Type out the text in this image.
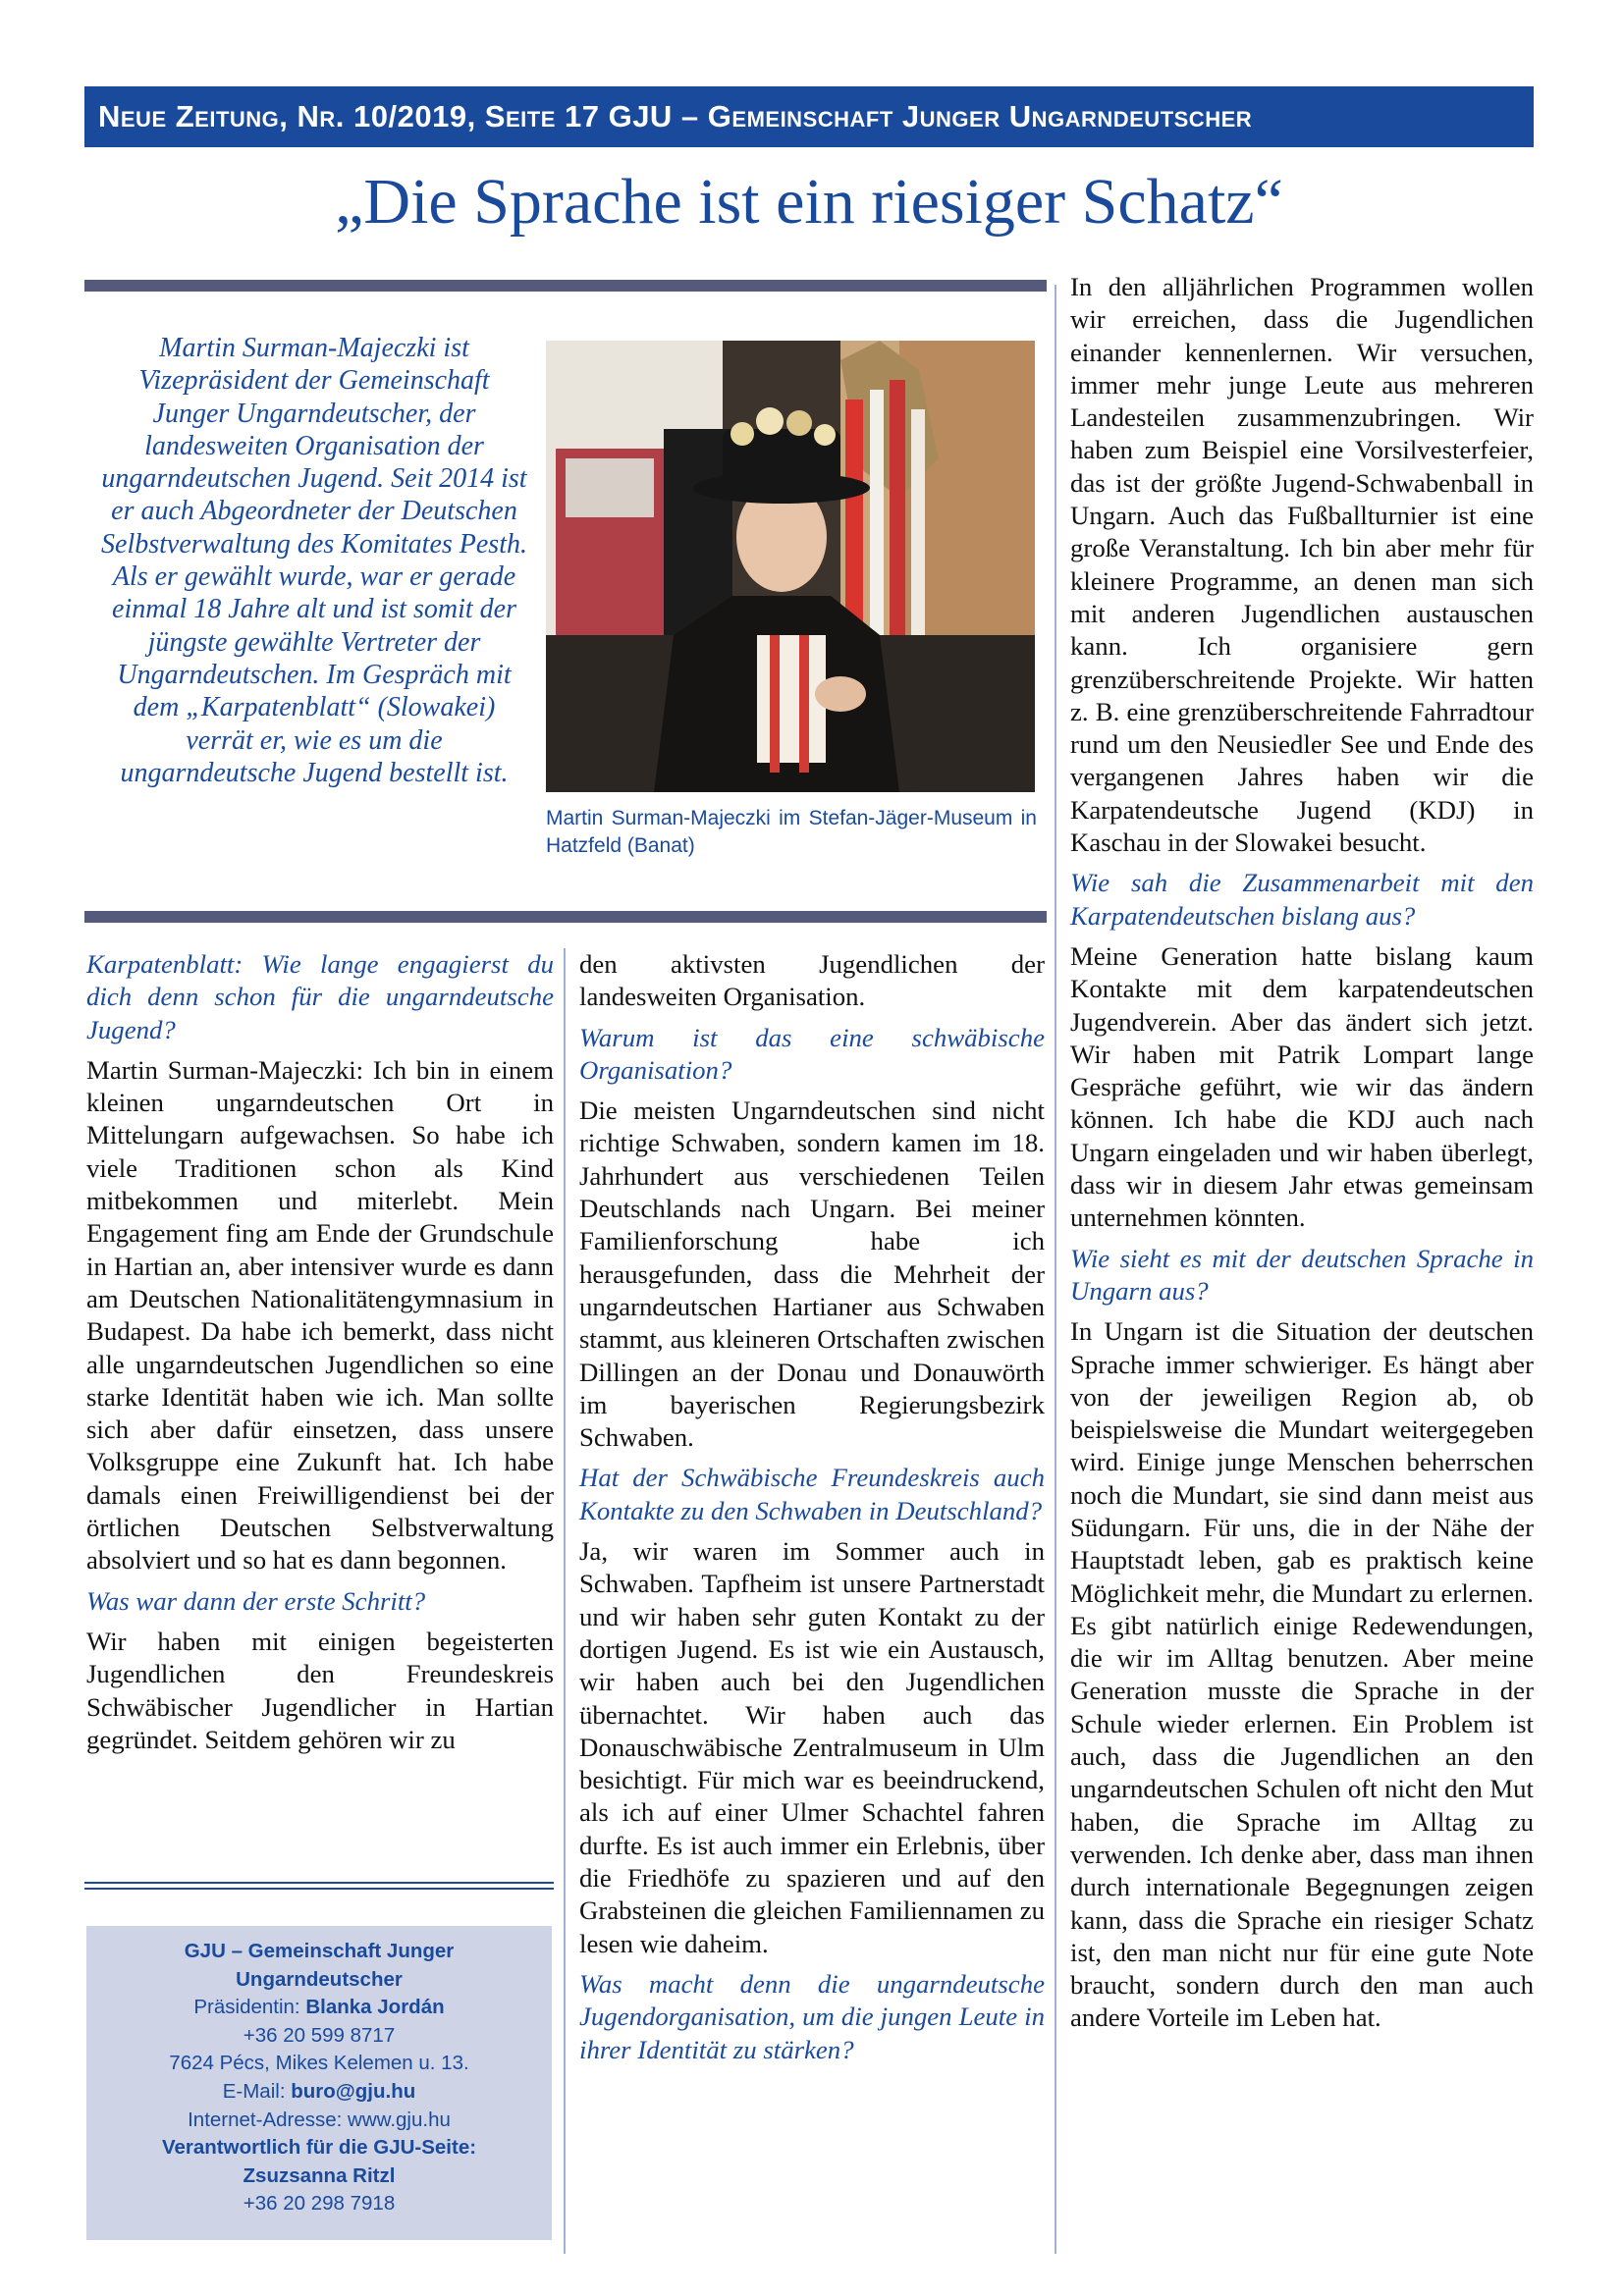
Neue Zeitung, Nr. 10/2019, Seite 17 GJU – Gemeinschaft Junger Ungarndeutscher
„Die Sprache ist ein riesiger Schatz“
Martin Surman-Majeczki ist Vizepräsident der Gemeinschaft Junger Ungarndeutscher, der landesweiten Organisation der ungarndeutschen Jugend. Seit 2014 ist er auch Abgeordneter der Deutschen Selbstverwaltung des Komitates Pesth. Als er gewählt wurde, war er gerade einmal 18 Jahre alt und ist somit der jüngste gewählte Vertreter der Ungarndeutschen. Im Gespräch mit dem „Karpatenblatt“ (Slowakei) verrät er, wie es um die ungarndeutsche Jugend bestellt ist.
Martin Surman-Majeczki im Stefan-Jäger-Museum in Hatzfeld (Banat)

Karpatenblatt: Wie lange engagierst du dich denn schon für die ungarndeutsche Jugend?

Martin Surman-Majeczki: Ich bin in einem kleinen ungarndeutschen Ort in Mittelungarn aufgewachsen. So habe ich viele Traditionen schon als Kind mitbekommen und miterlebt. Mein Engagement fing am Ende der Grundschule in Hartian an, aber intensiver wurde es dann am Deutschen Nationalitätengymnasium in Budapest. Da habe ich bemerkt, dass nicht alle ungarndeutschen Jugendlichen so eine starke Identität haben wie ich. Man sollte sich aber dafür einsetzen, dass unsere Volksgruppe eine Zukunft hat. Ich habe damals einen Freiwilligendienst bei der örtlichen Deutschen Selbstverwaltung absolviert und so hat es dann begonnen.

Was war dann der erste Schritt?

Wir haben mit einigen begeisterten Jugendlichen den Freundeskreis Schwäbischer Jugendlicher in Hartian gegründet. Seitdem gehören wir zu

GJU – Gemeinschaft Junger
Ungarndeutscher
Präsidentin: Blanka Jordán
+36 20 599 8717
7624 Pécs, Mikes Kelemen u. 13.
E-Mail: buro@gju.hu
Internet-Adresse: www.gju.hu
Verantwortlich für die GJU-Seite:
Zsuzsanna Ritzl
+36 20 298 7918

den aktivsten Jugendlichen der landesweiten Organisation.

Warum ist das eine schwäbische Organisation?

Die meisten Ungarndeutschen sind nicht richtige Schwaben, sondern kamen im 18. Jahrhundert aus verschiedenen Teilen Deutschlands nach Ungarn. Bei meiner Familienforschung habe ich herausgefunden, dass die Mehrheit der ungarndeutschen Hartianer aus Schwaben stammt, aus kleineren Ortschaften zwischen Dillingen an der Donau und Donauwörth im bayerischen Regierungsbezirk Schwaben.

Hat der Schwäbische Freundeskreis auch Kontakte zu den Schwaben in Deutschland?

Ja, wir waren im Sommer auch in Schwaben. Tapfheim ist unsere Partnerstadt und wir haben sehr guten Kontakt zu der dortigen Jugend. Es ist wie ein Austausch, wir haben auch bei den Jugendlichen übernachtet. Wir haben auch das Donauschwäbische Zentralmuseum in Ulm besichtigt. Für mich war es beeindruckend, als ich auf einer Ulmer Schachtel fahren durfte. Es ist auch immer ein Erlebnis, über die Friedhöfe zu spazieren und auf den Grabsteinen die gleichen Familiennamen zu lesen wie daheim.

Was macht denn die ungarndeutsche Jugendorganisation, um die jungen Leute in ihrer Identität zu stärken?

In den alljährlichen Programmen wollen wir erreichen, dass die Jugendlichen einander kennenlernen. Wir versuchen, immer mehr junge Leute aus mehreren Landesteilen zusammenzubringen. Wir haben zum Beispiel eine Vorsilvesterfeier, das ist der größte Jugend-Schwabenball in Ungarn. Auch das Fußballturnier ist eine große Veranstaltung. Ich bin aber mehr für kleinere Programme, an denen man sich mit anderen Jugendlichen austauschen kann. Ich organisiere gern grenzüberschreitende Projekte. Wir hatten z. B. eine grenzüberschreitende Fahrradtour rund um den Neusiedler See und Ende des vergangenen Jahres haben wir die Karpatendeutsche Jugend (KDJ) in Kaschau in der Slowakei besucht.

Wie sah die Zusammenarbeit mit den Karpatendeutschen bislang aus?

Meine Generation hatte bislang kaum Kontakte mit dem karpatendeutschen Jugendverein. Aber das ändert sich jetzt. Wir haben mit Patrik Lompart lange Gespräche geführt, wie wir das ändern können. Ich habe die KDJ auch nach Ungarn eingeladen und wir haben überlegt, dass wir in diesem Jahr etwas gemeinsam unternehmen könnten.

Wie sieht es mit der deutschen Sprache in Ungarn aus?

In Ungarn ist die Situation der deutschen Sprache immer schwieriger. Es hängt aber von der jeweiligen Region ab, ob beispielsweise die Mundart weitergegeben wird. Einige junge Menschen beherrschen noch die Mundart, sie sind dann meist aus Südungarn. Für uns, die in der Nähe der Hauptstadt leben, gab es praktisch keine Möglichkeit mehr, die Mundart zu erlernen. Es gibt natürlich einige Redewendungen, die wir im Alltag benutzen. Aber meine Generation musste die Sprache in der Schule wieder erlernen. Ein Problem ist auch, dass die Jugendlichen an den ungarndeutschen Schulen oft nicht den Mut haben, die Sprache im Alltag zu verwenden. Ich denke aber, dass man ihnen durch internationale Begegnungen zeigen kann, dass die Sprache ein riesiger Schatz ist, den man nicht nur für eine gute Note braucht, sondern durch den man auch andere Vorteile im Leben hat.
